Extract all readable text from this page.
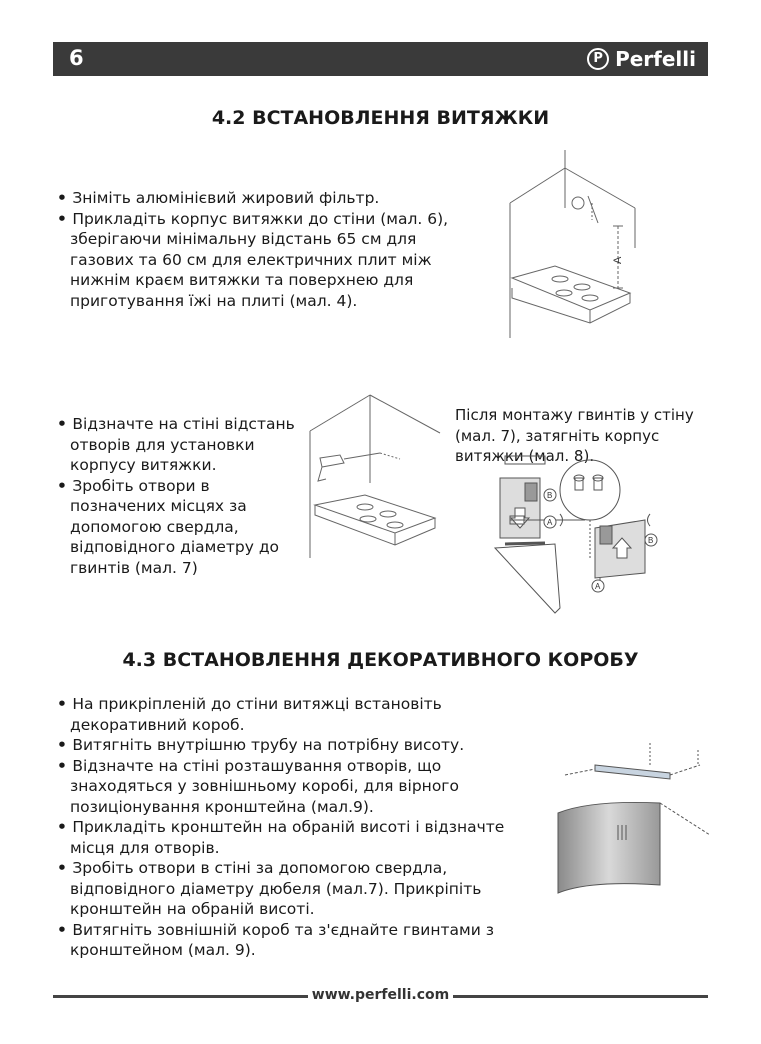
6	P Perfelli
4.2 ВСТАНОВЛЕННЯ ВИТЯЖКИ
• Зніміть алюмінієвий жировий фільтр.
• Прикладіть корпус витяжки до стіни (мал. 6), зберігаючи мінімальну відстань 65 см для газових та 60 см для електричних плит між нижнім краєм витяжки та поверхнею для приготування їжі на плиті (мал. 4).
A
• Відзначте на стіні відстань отворів для установки корпусу витяжки.
• Зробіть отвори в позначених місцях за допомогою свердла, відповідного діаметру до гвинтів (мал. 7)
Після монтажу гвинтів у стіну (мал. 7), затягніть корпус витяжки (мал. 8).
B
A
B
A
4.3 ВСТАНОВЛЕННЯ ДЕКОРАТИВНОГО КОРОБУ
• На прикріпленій до стіни витяжці встановіть декоративний короб.
• Витягніть внутрішню трубу на потрібну висоту.
• Відзначте на стіні розташування отворів, що знаходяться у зовнішньому коробі, для вірного позиціонування кронштейна (мал.9).
• Прикладіть кронштейн на обраній висоті і відзначте місця для отворів.
• Зробіть отвори в стіні за допомогою свердла, відповідного діаметру дюбеля (мал.7). Прикріпіть кронштейн на обраній висоті.
• Витягніть зовнішній короб та з'єднайте гвинтами з кронштейном (мал. 9).
www.perfelli.com
